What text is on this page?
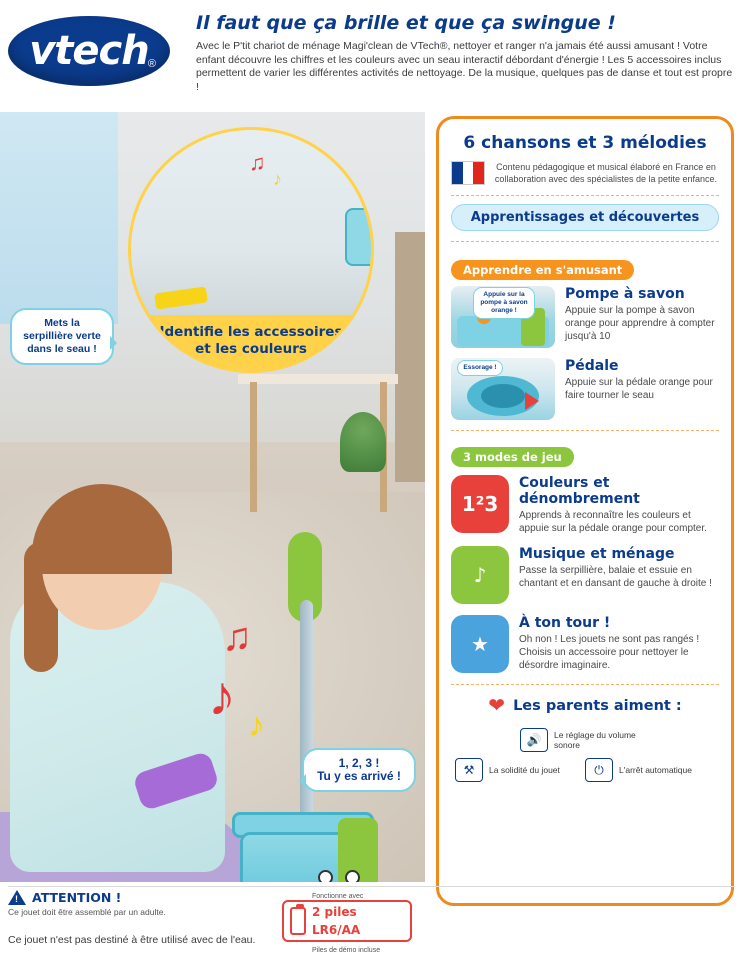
vtech ®
Il faut que ça brille et que ça swingue !
Avec le P'tit chariot de ménage Magi'clean de VTech®, nettoyer et ranger n'a jamais été aussi amusant ! Votre enfant découvre les chiffres et les couleurs avec un seau interactif débordant d'énergie ! Les 5 accessoires inclus permettent de varier les différentes activités de nettoyage. De la musique, quelques pas de danse et tout est propre !
♫
♪ ♪
♫
♪
Identifie les accessoires
et les couleurs
Mets la serpillière verte dans le seau !
1, 2, 3 !
Tu y es arrivé !
6 chansons et 3 mélodies
Contenu pédagogique et musical élaboré en France en collaboration avec des spécialistes de la petite enfance.
Apprentissages et découvertes
Apprendre en s'amusant
Appuie sur la pompe à savon orange !
Pompe à savon
Appuie sur la pompe à savon orange pour apprendre à compter jusqu'à 10
Essorage !	Pédale
Appuie sur la pédale orange pour faire tourner le seau
3 modes de jeu
1²3
Couleurs et dénombrement
Apprends à reconnaître les couleurs et appuie sur la pédale orange pour compter.
♪
Musique et ménage
Passe la serpillière, balaie et essuie en chantant et en dansant de gauche à droite !
★
À ton tour !
Oh non ! Les jouets ne sont pas rangés ! Choisis un accessoire pour nettoyer le désordre imaginaire.
❤ Les parents aiment :
🔊	Le réglage du volume sonore
⚒	La solidité du jouet	⏻	L'arrêt automatique
!
ATTENTION !
Ce jouet doit être assemblé par un adulte.
Fonctionne avec
2 piles LR6/AA
Piles de démo incluse
Ce jouet n'est pas destiné à être utilisé avec de l'eau.
